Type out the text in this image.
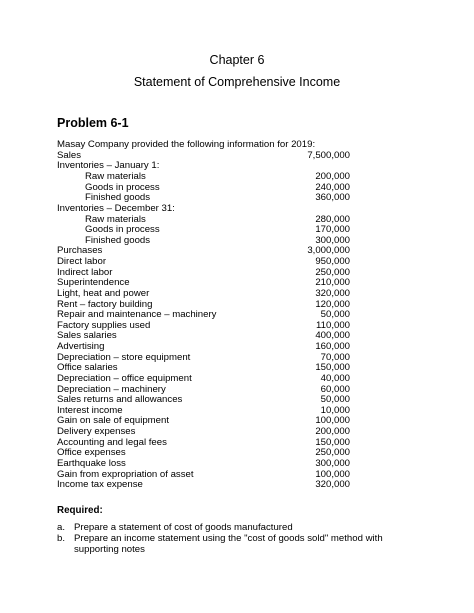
Chapter 6
Statement of Comprehensive Income
Problem 6-1
Masay Company provided the following information for 2019:
Sales	7,500,000
Inventories – January 1:
Raw materials	200,000
Goods in process	240,000
Finished goods	360,000
Inventories – December 31:
Raw materials	280,000
Goods in process	170,000
Finished goods	300,000
Purchases	3,000,000
Direct labor	950,000
Indirect labor	250,000
Superintendence	210,000
Light, heat and power	320,000
Rent – factory building	120,000
Repair and maintenance – machinery	50,000
Factory supplies used	110,000
Sales salaries	400,000
Advertising	160,000
Depreciation – store equipment	70,000
Office salaries	150,000
Depreciation – office equipment	40,000
Depreciation – machinery	60,000
Sales returns and allowances	50,000
Interest income	10,000
Gain on sale of equipment	100,000
Delivery expenses	200,000
Accounting and legal fees	150,000
Office expenses	250,000
Earthquake loss	300,000
Gain from expropriation of asset	100,000
Income tax expense	320,000
Required:
a. Prepare a statement of cost of goods manufactured
b. Prepare an income statement using the "cost of goods sold" method with supporting notes
